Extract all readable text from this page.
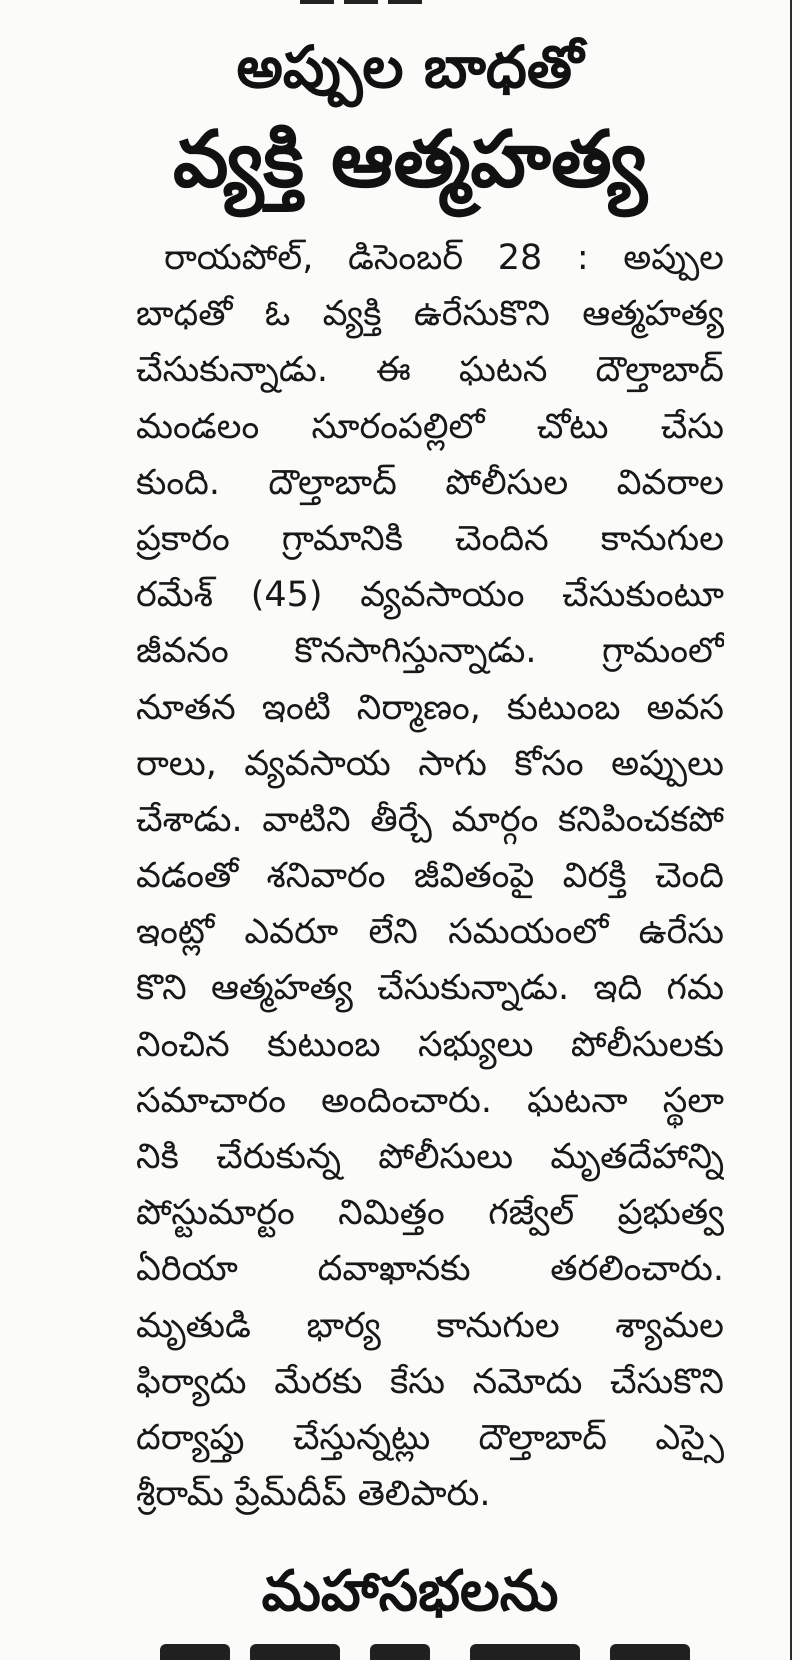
అప్పుల బాధతో
వ్యక్తి ఆత్మహత్య
రాయపోల్, డిసెంబర్ 28 : అప్పుల
బాధతో ఓ వ్యక్తి ఉరేసుకొని ఆత్మహత్య
చేసుకున్నాడు. ఈ ఘటన దౌల్తాబాద్
మండలం సూరంపల్లిలో చోటు చేసు
కుంది. దౌల్తాబాద్ పోలీసుల వివరాల
ప్రకారం గ్రామానికి చెందిన కానుగుల
రమేశ్ (45) వ్యవసాయం చేసుకుంటూ
జీవనం కొనసాగిస్తున్నాడు. గ్రామంలో
నూతన ఇంటి నిర్మాణం, కుటుంబ అవస
రాలు, వ్యవసాయ సాగు కోసం అప్పులు
చేశాడు. వాటిని తీర్చే మార్గం కనిపించకపో
వడంతో శనివారం జీవితంపై విరక్తి చెంది
ఇంట్లో ఎవరూ లేని సమయంలో ఉరేసు
కొని ఆత్మహత్య చేసుకున్నాడు. ఇది గమ
నించిన కుటుంబ సభ్యులు పోలీసులకు
సమాచారం అందించారు. ఘటనా స్థలా
నికి చేరుకున్న పోలీసులు మృతదేహాన్ని
పోస్టుమార్టం నిమిత్తం గజ్వేల్ ప్రభుత్వ
ఏరియా దవాఖానకు తరలించారు.
మృతుడి భార్య కానుగుల శ్యామల
ఫిర్యాదు మేరకు కేసు నమోదు చేసుకొని
దర్యాప్తు చేస్తున్నట్లు దౌల్తాబాద్ ఎస్సై
శ్రీరామ్ ప్రేమ్‌దీప్ తెలిపారు.
మహాసభలను
